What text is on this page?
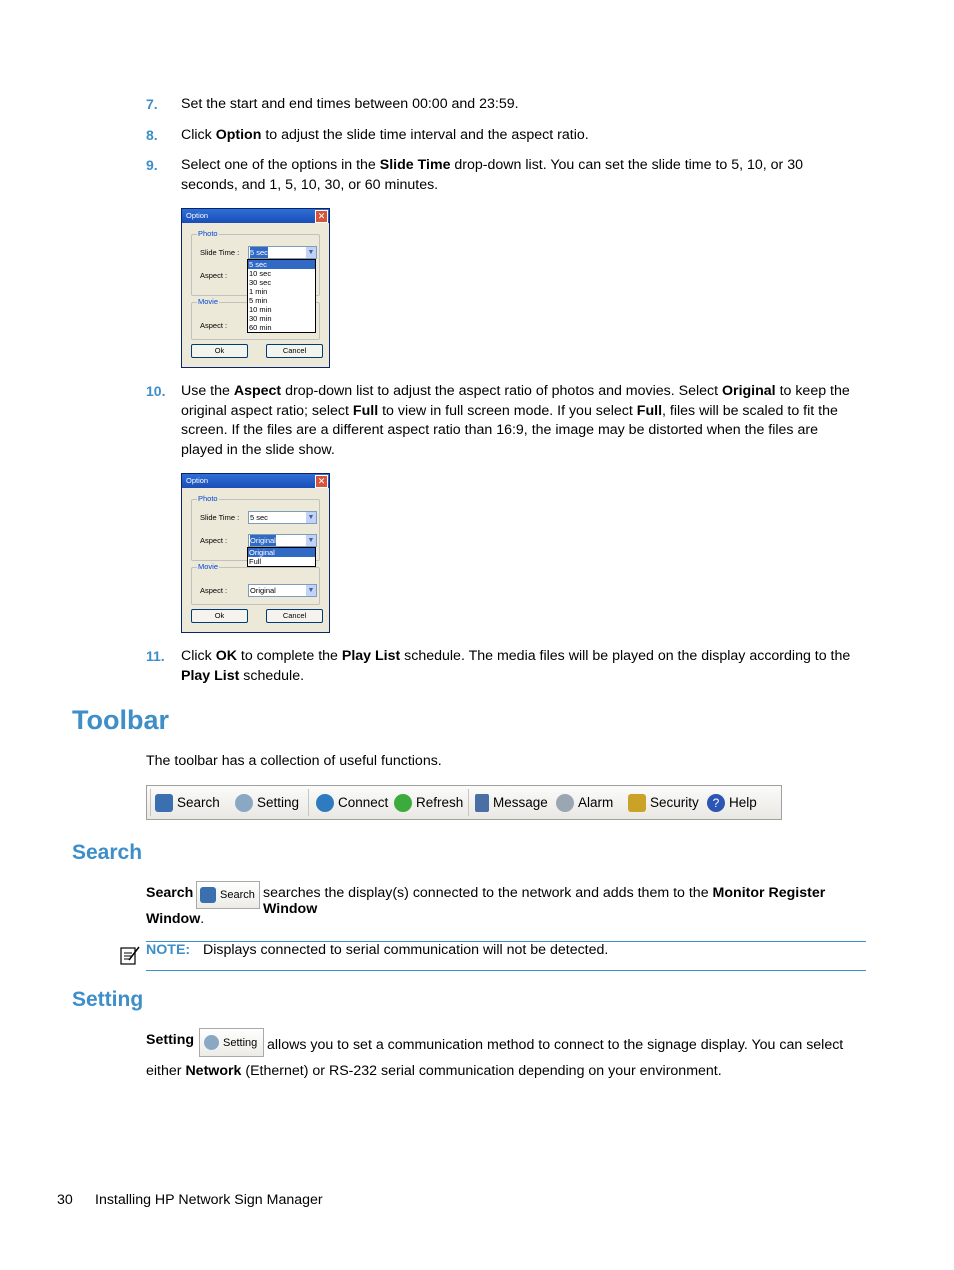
7. Set the start and end times between 00:00 and 23:59.
8. Click Option to adjust the slide time interval and the aspect ratio.
9. Select one of the options in the Slide Time drop-down list. You can set the slide time to 5, 10, or 30 seconds, and 1, 5, 10, 30, or 60 minutes.
Option	✕
Photo
Slide Time :
Aspect :
5 sec	▼
Movie
Aspect :
5 sec
10 sec
30 sec
1 min
5 min
10 min
30 min
60 min
Ok	Cancel
10. Use the Aspect drop-down list to adjust the aspect ratio of photos and movies. Select Original to keep the original aspect ratio; select Full to view in full screen mode. If you select Full, files will be scaled to fit the screen. If the files are a different aspect ratio than 16:9, the image may be distorted when the files are played in the slide show.
Option	✕
Photo
Slide Time :
Aspect :
5 sec	▼
Original	▼
Original
Full
Movie
Aspect :	Original	▼
Ok	Cancel
11. Click OK to complete the Play List schedule. The media files will be played on the display according to the Play List schedule.
Toolbar
The toolbar has a collection of useful functions.
Search	Setting	Connect Refresh Message Alarm	Security	? Help
Search
Search Search searches the display(s) connected to the network and adds them to the Monitor Register Window
Window.
NOTE: Displays connected to serial communication will not be detected.
Setting
Setting	Setting allows you to set a communication method to connect to the signage display. You can select either Network (Ethernet) or RS-232 serial communication depending on your environment.
30 Installing HP Network Sign Manager
